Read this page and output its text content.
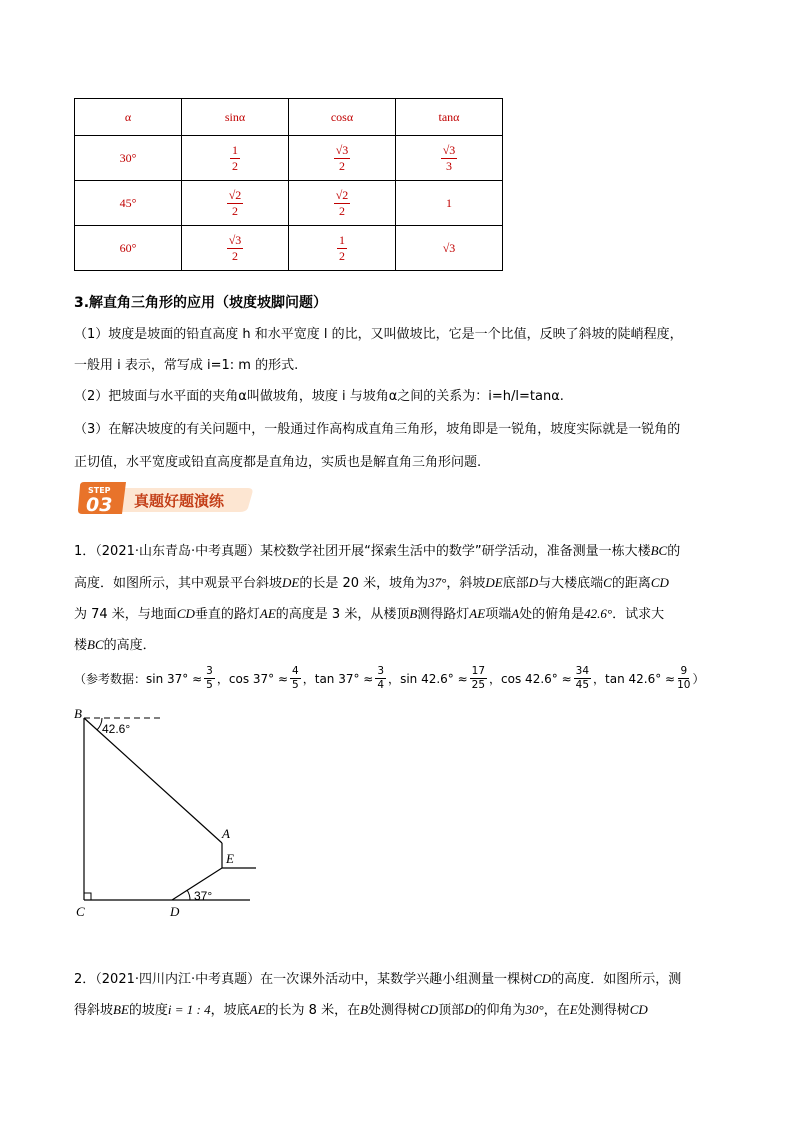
α	sinα	cosα	tanα
30°	$\frac{1}{2}$	$\frac{√3}{2}$	$\frac{√3}{3}$

45°	$\frac{√2}{2}$	$\frac{√2}{2}$	1
60°	$\frac{√3}{2}$	$\frac{1}{2}$	√3
3.解直角三角形的应用（坡度坡脚问题）
（1）坡度是坡面的铅直高度 h 和水平宽度 l 的比，又叫做坡比，它是一个比值，反映了斜坡的陡峭程度，
一般用 i 表示，常写成 i=1: m 的形式.
（2）把坡面与水平面的夹角α叫做坡角，坡度 i 与坡角α之间的关系为：i=h/l=tanα.
（3）在解决坡度的有关问题中，一般通过作高构成直角三角形，坡角即是一锐角，坡度实际就是一锐角的
正切值，水平宽度或铅直高度都是直角边，实质也是解直角三角形问题.
STEP
03 真题好题演练
1．（2021·山东青岛·中考真题）某校数学社团开展“探索生活中的数学”研学活动，准备测量一栋大楼BC的
高度．如图所示，其中观景平台斜坡DE的长是 20 米，坡角为37°，斜坡DE底部D与大楼底端C的距离CD
为 74 米，与地面CD垂直的路灯AE的高度是 3 米，从楼顶B测得路灯AE项端A处的俯角是42.6°．试求大
楼BC的高度．
（参考数据： $\sin 37^\circ \approx \frac{3}{5}$ ， $\cos 37^\circ \approx \frac{4}{5}$ ， $\tan 37^\circ \approx \frac{3}{4}$ ， $\sin 42.6^\circ \approx \frac{17}{25}$ ， $\cos 42.6^\circ \approx \frac{34}{45}$ ， $\tan 42.6^\circ \approx \frac{9}{10}$ ）
B
C	D
A
E
42.6°
37°
2．（2021·四川内江·中考真题）在一次课外活动中，某数学兴趣小组测量一棵树CD的高度．如图所示，测
得斜坡BE的坡度i = 1 : 4，坡底AE的长为 8 米，在B处测得树CD顶部D的仰角为30°，在E处测得树CD
